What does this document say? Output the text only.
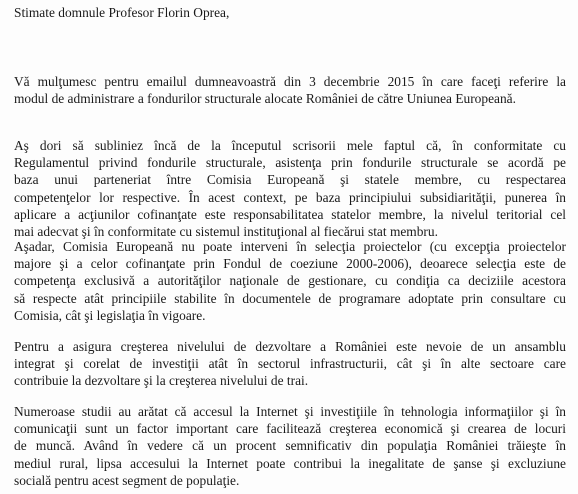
Stimate domnule Profesor Florin Oprea,

Vă mulţumesc pentru emailul dumneavoastră din 3 decembrie 2015 în care faceţi referire la
modul de administrare a fondurilor structurale alocate României de către Uniunea Europeană.

Aş dori să subliniez încă de la începutul scrisorii mele faptul că, în conformitate cu
Regulamentul privind fondurile structurale, asistenţa prin fondurile structurale se acordă pe
baza unui parteneriat între Comisia Europeană şi statele membre, cu respectarea
competenţelor lor respective. În acest context, pe baza principiului subsidiarităţii, punerea în
aplicare a acţiunilor cofinanţate este responsabilitatea statelor membre, la nivelul teritorial cel
mai adecvat şi în conformitate cu sistemul instituţional al fiecărui stat membru.

Aşadar, Comisia Europeană nu poate interveni în selecţia proiectelor (cu excepţia proiectelor
majore şi a celor cofinanţate prin Fondul de coeziune 2000-2006), deoarece selecţia este de
competenţa exclusivă a autorităţilor naţionale de gestionare, cu condiţia ca deciziile acestora
să respecte atât principiile stabilite în documentele de programare adoptate prin consultare cu
Comisia, cât şi legislaţia în vigoare.

Pentru a asigura creşterea nivelului de dezvoltare a României este nevoie de un ansamblu
integrat şi corelat de investiţii atât în sectorul infrastructurii, cât şi în alte sectoare care
contribuie la dezvoltare şi la creşterea nivelului de trai.

Numeroase studii au arătat că accesul la Internet şi investiţiile în tehnologia informaţiilor şi în
comunicaţii sunt un factor important care facilitează creşterea economică şi crearea de locuri
de muncă. Având în vedere că un procent semnificativ din populaţia României trăieşte în
mediul rural, lipsa accesului la Internet poate contribui la inegalitate de şanse şi excluziune
socială pentru acest segment de populaţie.
